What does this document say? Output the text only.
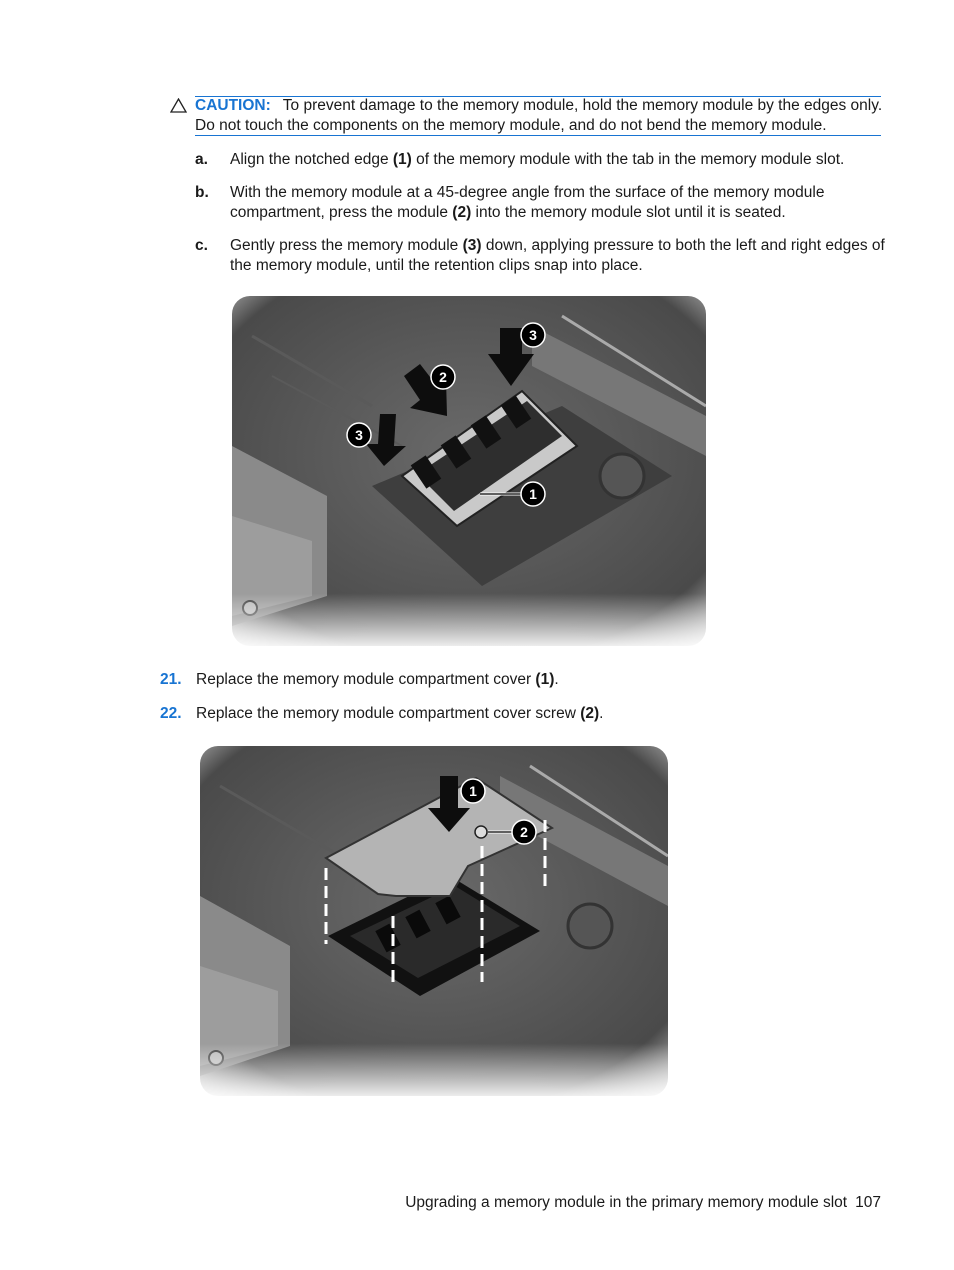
CAUTION: To prevent damage to the memory module, hold the memory module by the edges only. Do not touch the components on the memory module, and do not bend the memory module.
a. Align the notched edge (1) of the memory module with the tab in the memory module slot.
b. With the memory module at a 45-degree angle from the surface of the memory module compartment, press the module (2) into the memory module slot until it is seated.
c. Gently press the memory module (3) down, applying pressure to both the left and right edges of the memory module, until the retention clips snap into place.
21. Replace the memory module compartment cover (1).
22. Replace the memory module compartment cover screw (2).
Upgrading a memory module in the primary memory module slot 107
